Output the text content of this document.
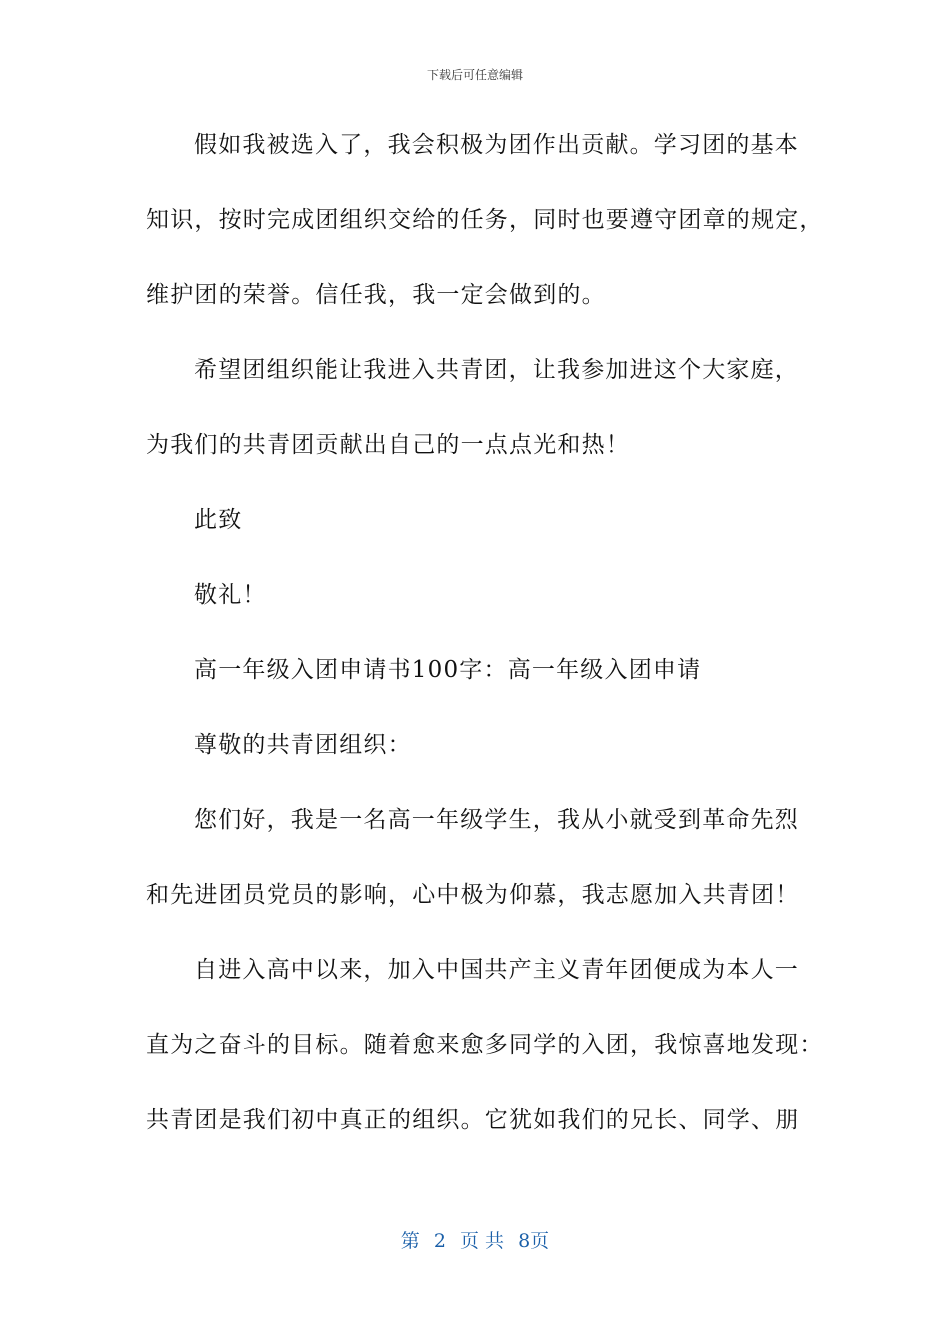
下载后可任意编辑
假如我被选入了，我会积极为团作出贡献。学习团的基本
知识，按时完成团组织交给的任务，同时也要遵守团章的规定，
维护团的荣誉。信任我，我一定会做到的。
希望团组织能让我进入共青团，让我参加进这个大家庭，
为我们的共青团贡献出自己的一点点光和热！
此致
敬礼！
高一年级入团申请书100字：高一年级入团申请
尊敬的共青团组织：
您们好，我是一名高一年级学生，我从小就受到革命先烈
和先进团员党员的影响，心中极为仰慕，我志愿加入共青团！
自进入高中以来，加入中国共产主义青年团便成为本人一
直为之奋斗的目标。随着愈来愈多同学的入团，我惊喜地发现：
共青团是我们初中真正的组织。它犹如我们的兄长、同学、朋
第 2 页 共 8页
